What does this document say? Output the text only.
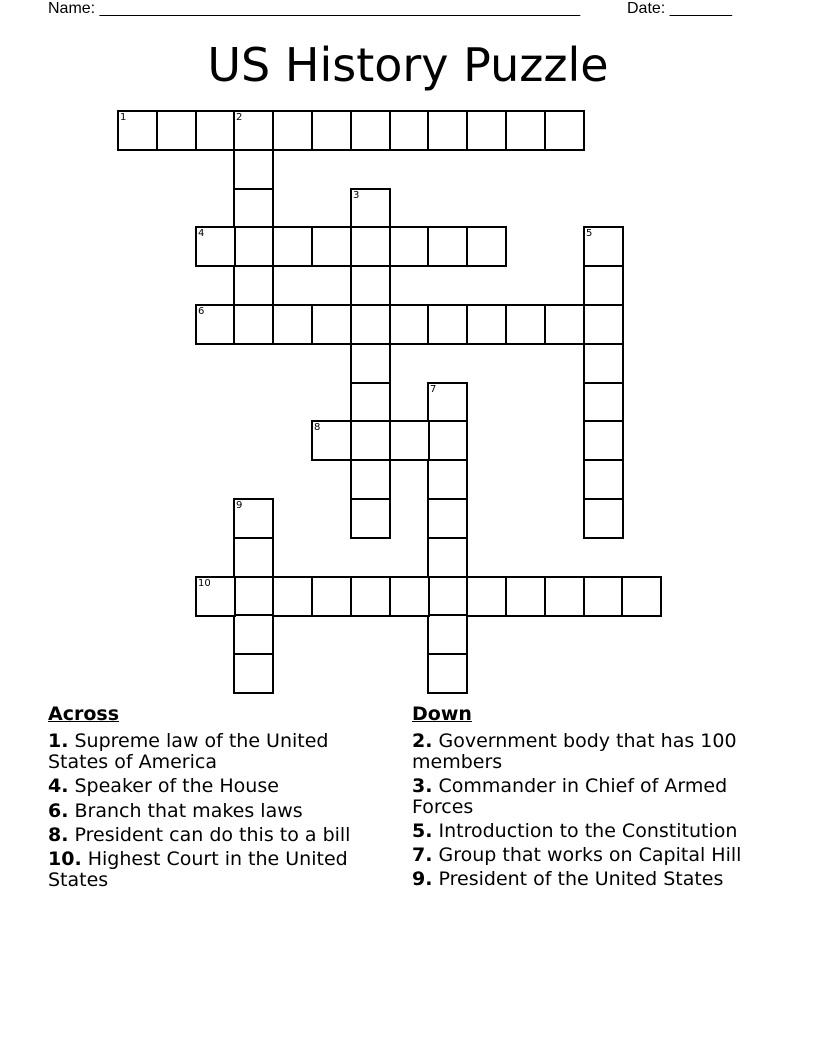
Name: ______________________________________________________	Date: _______
US History Puzzle
1	2
3
4	5
6
7
8
9
10
Across
1. Supreme law of the United States of America
4. Speaker of the House
6. Branch that makes laws
8. President can do this to a bill
10. Highest Court in the United States
Down
2. Government body that has 100 members
3. Commander in Chief of Armed Forces
5. Introduction to the Constitution
7. Group that works on Capital Hill
9. President of the United States
